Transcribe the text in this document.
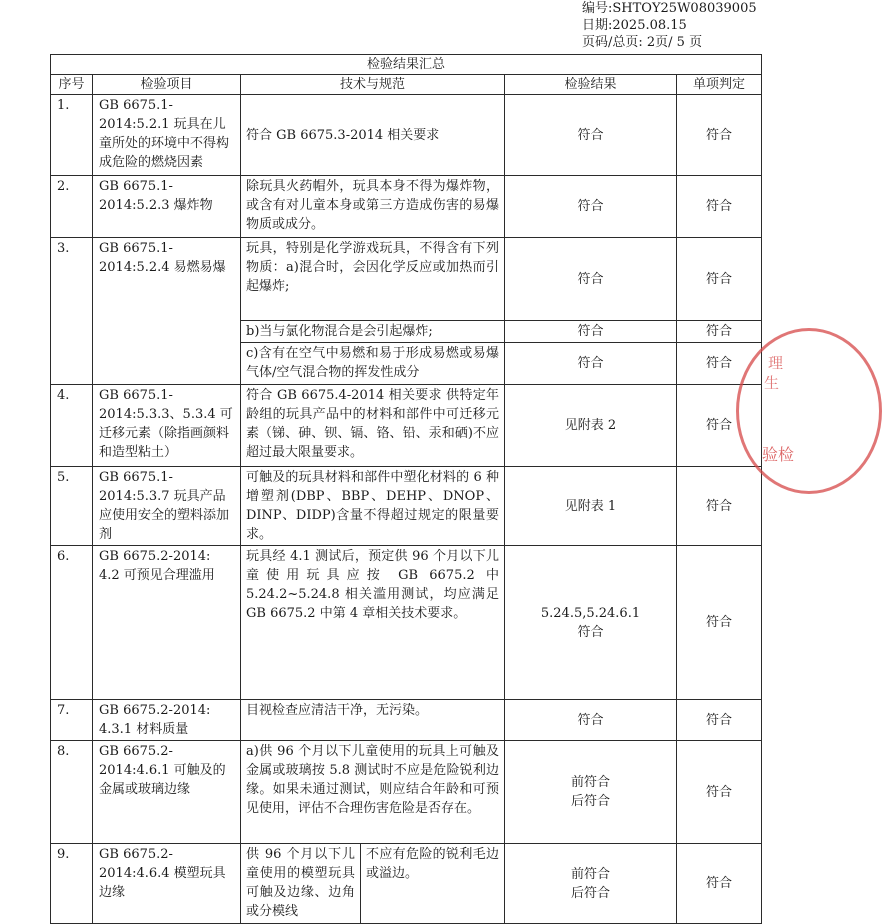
编号:SHTOY25W08039005
日期:2025.08.15
页码/总页: 2页/ 5 页
检验结果汇总					
序号	检验项目	技术与规范		检验结果	单项判定
1.	GB 6675.1-2014:5.2.1 玩具在儿童所处的环境中不得构成危险的燃烧因素	符合 GB 6675.3-2014 相关要求		符合	符合
2.	GB 6675.1-2014:5.2.3 爆炸物	除玩具火药帽外，玩具本身不得为爆炸物，或含有对儿童本身或第三方造成伤害的易爆物质或成分。		符合	符合
3.	GB 6675.1-2014:5.2.4 易燃易爆	玩具，特别是化学游戏玩具，不得含有下列物质：a)混合时，会因化学反应或加热而引起爆炸;		符合	符合
		b)当与氯化物混合是会引起爆炸;		符合	符合
		c)含有在空气中易燃和易于形成易燃或易爆气体/空气混合物的挥发性成分		符合	符合
4.	GB 6675.1-2014:5.3.3、5.3.4 可迁移元素（除指画颜料和造型粘土）	符合 GB 6675.4-2014 相关要求 供特定年龄组的玩具产品中的材料和部件中可迁移元素（锑、砷、钡、镉、铬、铅、汞和硒)不应超过最大限量要求。		见附表 2	符合
5.	GB 6675.1-2014:5.3.7 玩具产品应使用安全的塑料添加剂	可触及的玩具材料和部件中塑化材料的 6 种增塑剂(DBP、BBP、DEHP、DNOP、DINP、DIDP)含量不得超过规定的限量要求。		见附表 1	符合
6.	GB 6675.2-2014: 4.2 可预见合理滥用	玩具经 4.1 测试后，预定供 96 个月以下儿童使用玩具应按 GB 6675.2 中 5.24.2~5.24.8 相关滥用测试，均应满足 GB 6675.2 中第 4 章相关技术要求。		5.24.5,5.24.6.1
符合	符合
7.	GB 6675.2-2014: 4.3.1 材料质量	目视检查应清洁干净，无污染。		符合	符合
8.	GB 6675.2-2014:4.6.1 可触及的金属或玻璃边缘	a)供 96 个月以下儿童使用的玩具上可触及金属或玻璃按 5.8 测试时不应是危险锐利边缘。如果未通过测试，则应结合年龄和可预见使用，评估不合理伤害危险是否存在。		前符合
后符合	符合
9.	GB 6675.2-2014:4.6.4 模塑玩具边缘	供 96 个月以下儿童使用的模塑玩具可触及边缘、边角或分模线	不应有危险的锐利毛边或溢边。	前符合
后符合	符合
理
生
验检
